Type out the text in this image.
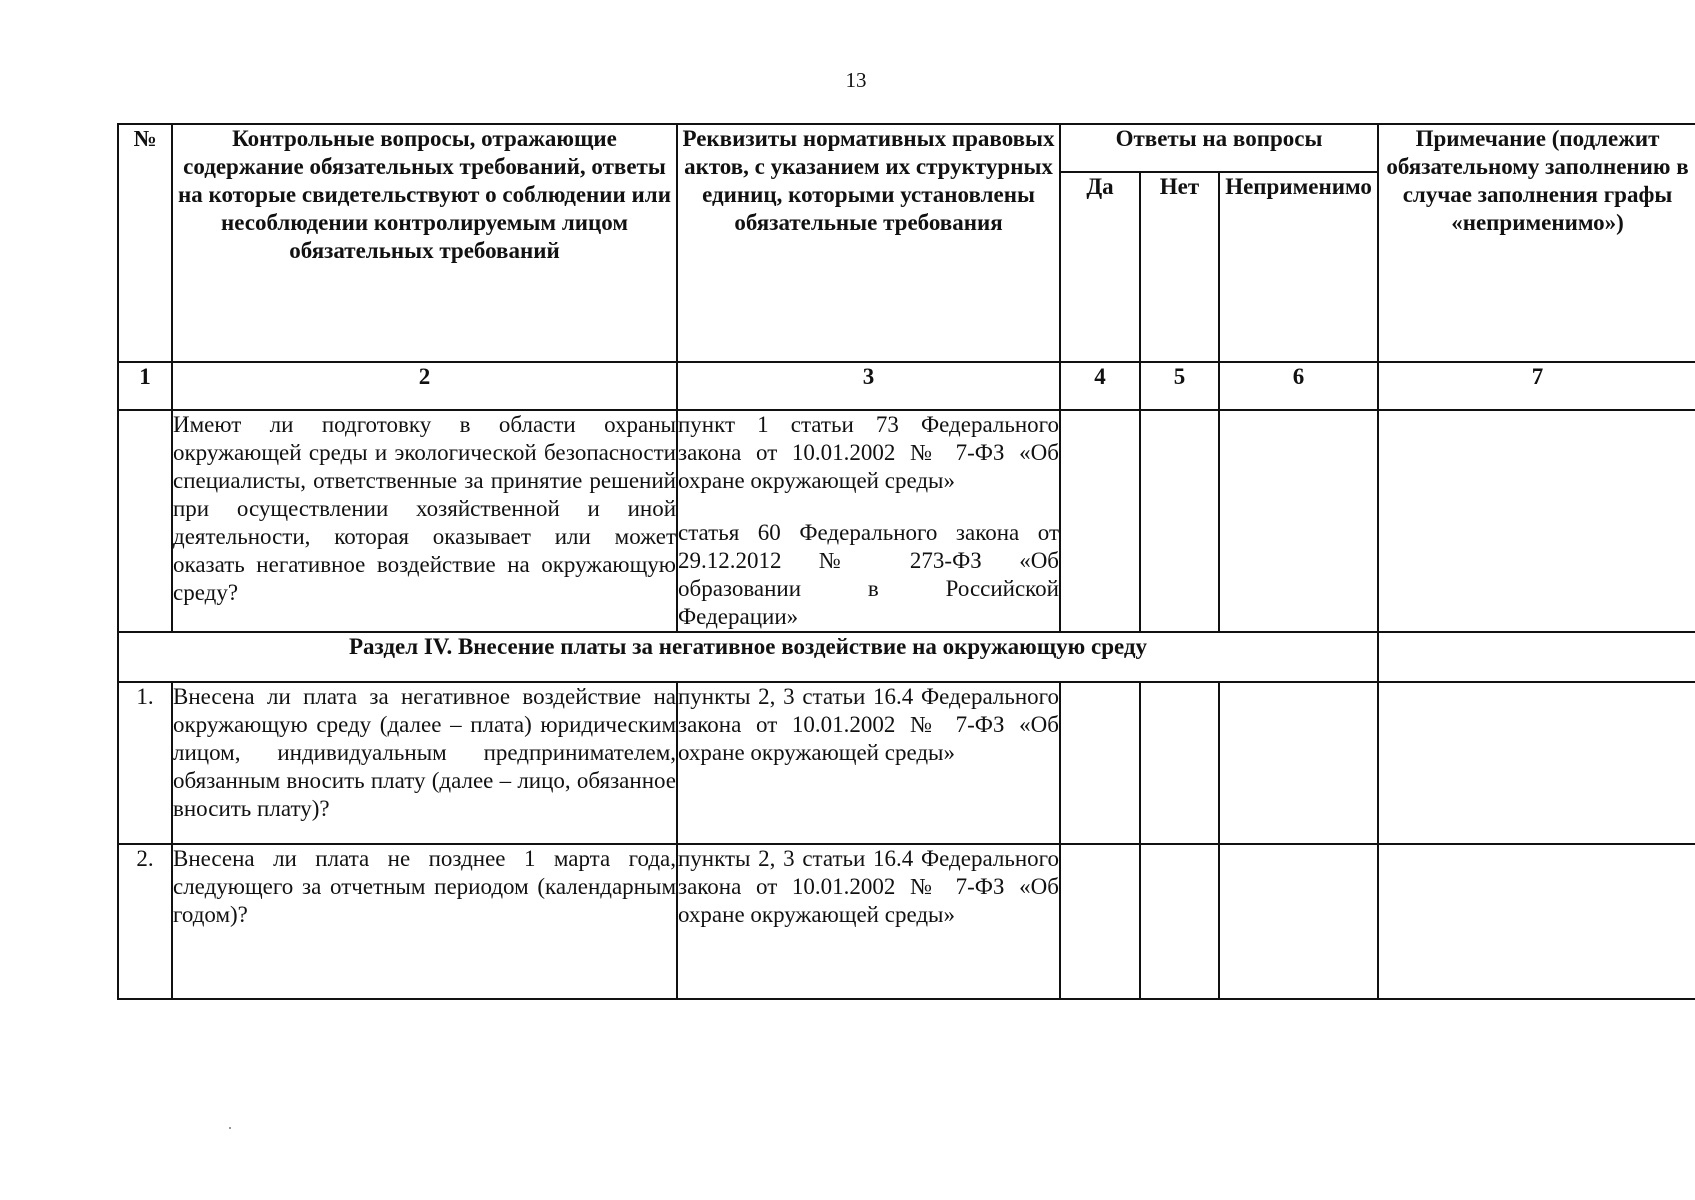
13
№	Контрольные вопросы, отражающие содержание обязательных требований, ответы на которые свидетельствуют о соблюдении или несоблюдении контролируемым лицом обязательных требований	Реквизиты нормативных правовых актов, с указанием их структурных единиц, которыми установлены обязательные требования	Ответы на вопросы			Примечание (подлежит обязательному заполнению в случае заполнения графы «неприменимо»)
			Да	Нет	Неприменимо	
1	2	3	4	5	6	7
	Имеют ли подготовку в области охраны окружающей среды и экологической безопасности специалисты, ответственные за принятие решений при осуществлении хозяйственной и иной деятельности, которая оказывает или может оказать негативное воздействие на окружающую среду?	пункт 1 статьи 73 Федерального закона от 10.01.2002 № 7-ФЗ «Об охране окружающей среды»
статья 60 Федерального закона от 29.12.2012 № 273-ФЗ «Об образовании в Российской Федерации»				

Раздел IV. Внесение платы за негативное воздействие на окружающую среду						
1.	Внесена ли плата за негативное воздействие на окружающую среду (далее – плата) юридическим лицом, индивидуальным предпринимателем, обязанным вносить плату (далее – лицо, обязанное вносить плату)?	пункты 2, 3 статьи 16.4 Федерального закона от 10.01.2002 № 7-ФЗ «Об охране окружающей среды»				
2.	Внесена ли плата не позднее 1 марта года, следующего за отчетным периодом (календарным годом)?	пункты 2, 3 статьи 16.4 Федерального закона от 10.01.2002 № 7-ФЗ «Об охране окружающей среды»				
